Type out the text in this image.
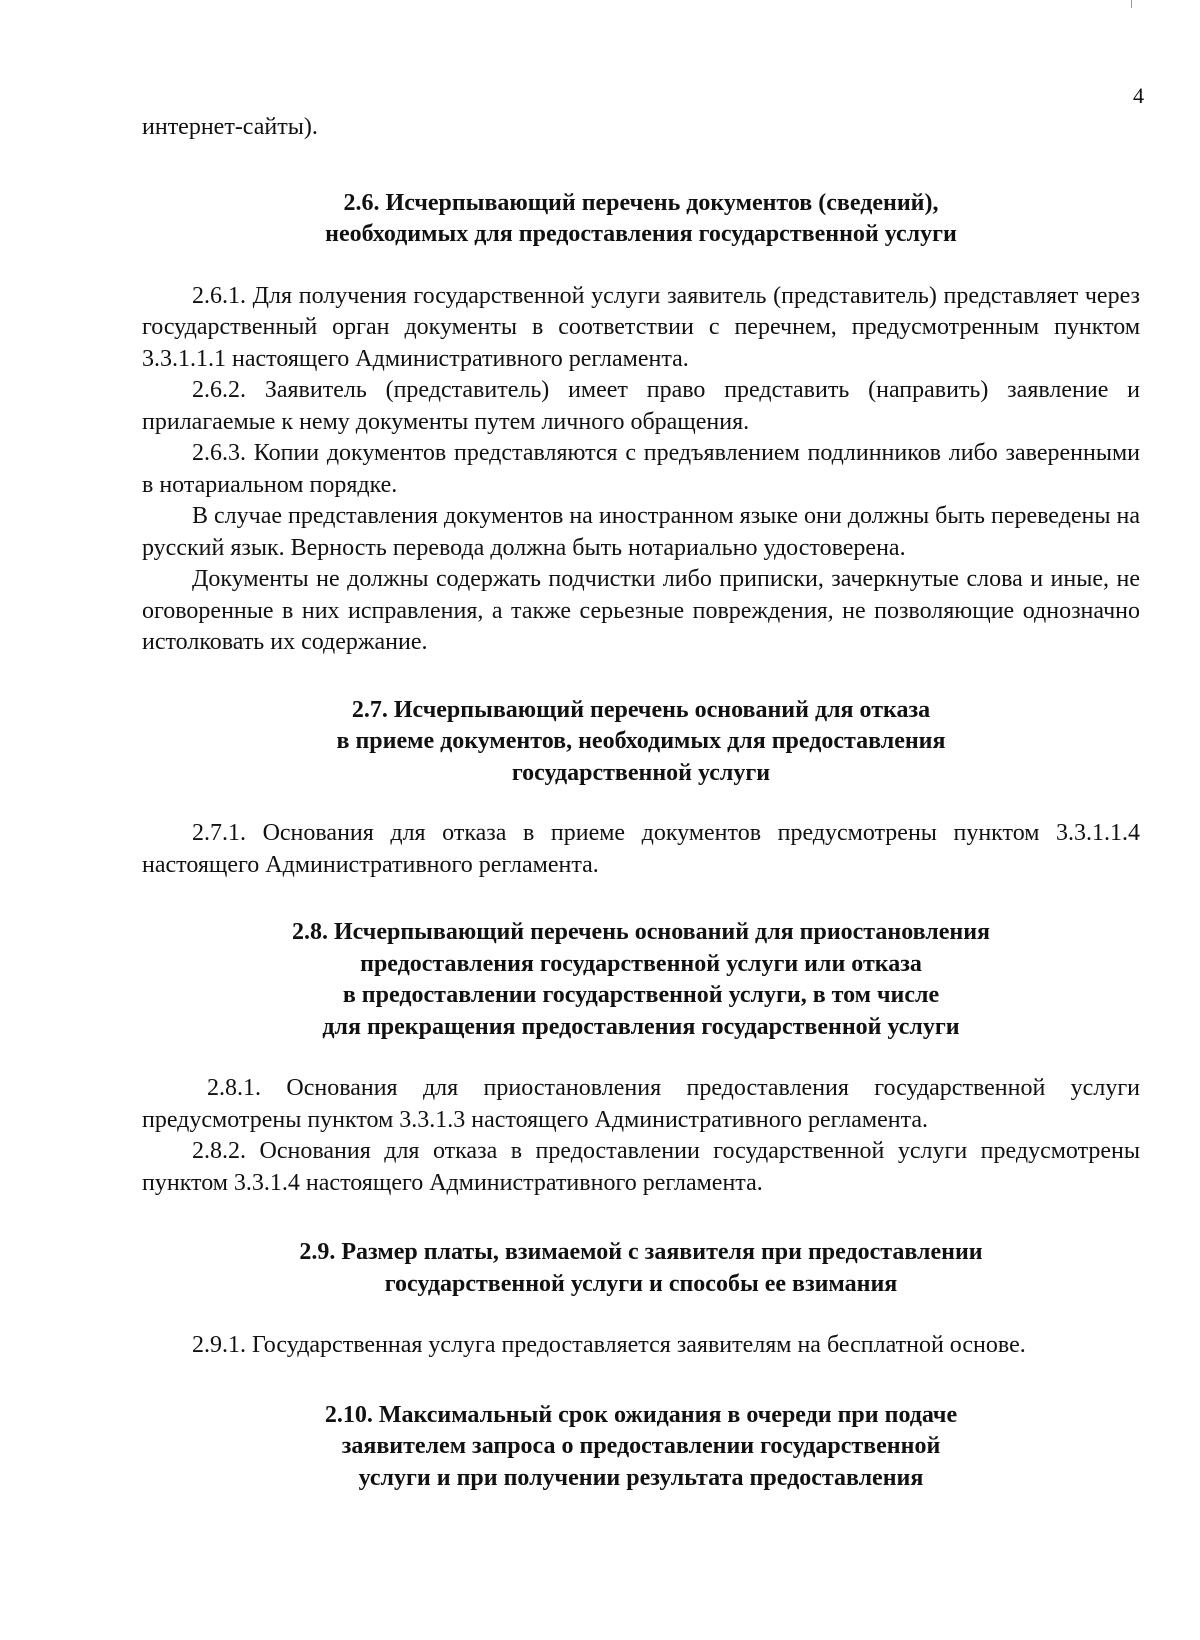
4

интернет-сайты).

2.6. Исчерпывающий перечень документов (сведений),
необходимых для предоставления государственной услуги

2.6.1. Для получения государственной услуги заявитель (представитель) представляет через государственный орган документы в соответствии с перечнем, предусмотренным пунктом 3.3.1.1.1 настоящего Административного регламента.

2.6.2. Заявитель (представитель) имеет право представить (направить) заявление и прилагаемые к нему документы путем личного обращения.

2.6.3. Копии документов представляются с предъявлением подлинников либо заверенными в нотариальном порядке.

В случае представления документов на иностранном языке они должны быть переведены на русский язык. Верность перевода должна быть нотариально удостоверена.

Документы не должны содержать подчистки либо приписки, зачеркнутые слова и иные, не оговоренные в них исправления, а также серьезные повреждения, не позволяющие однозначно истолковать их содержание.

2.7. Исчерпывающий перечень оснований для отказа
в приеме документов, необходимых для предоставления
государственной услуги

2.7.1. Основания для отказа в приеме документов предусмотрены пунктом 3.3.1.1.4 настоящего Административного регламента.

2.8. Исчерпывающий перечень оснований для приостановления
предоставления государственной услуги или отказа
в предоставлении государственной услуги, в том числе
для прекращения предоставления государственной услуги

2.8.1. Основания для приостановления предоставления государственной услуги предусмотрены пунктом 3.3.1.3 настоящего Административного регламента.

2.8.2. Основания для отказа в предоставлении государственной услуги предусмотрены пунктом 3.3.1.4 настоящего Административного регламента.

2.9. Размер платы, взимаемой с заявителя при предоставлении
государственной услуги и способы ее взимания

2.9.1. Государственная услуга предоставляется заявителям на бесплатной основе.

2.10. Максимальный срок ожидания в очереди при подаче
заявителем запроса о предоставлении государственной
услуги и при получении результата предоставления
